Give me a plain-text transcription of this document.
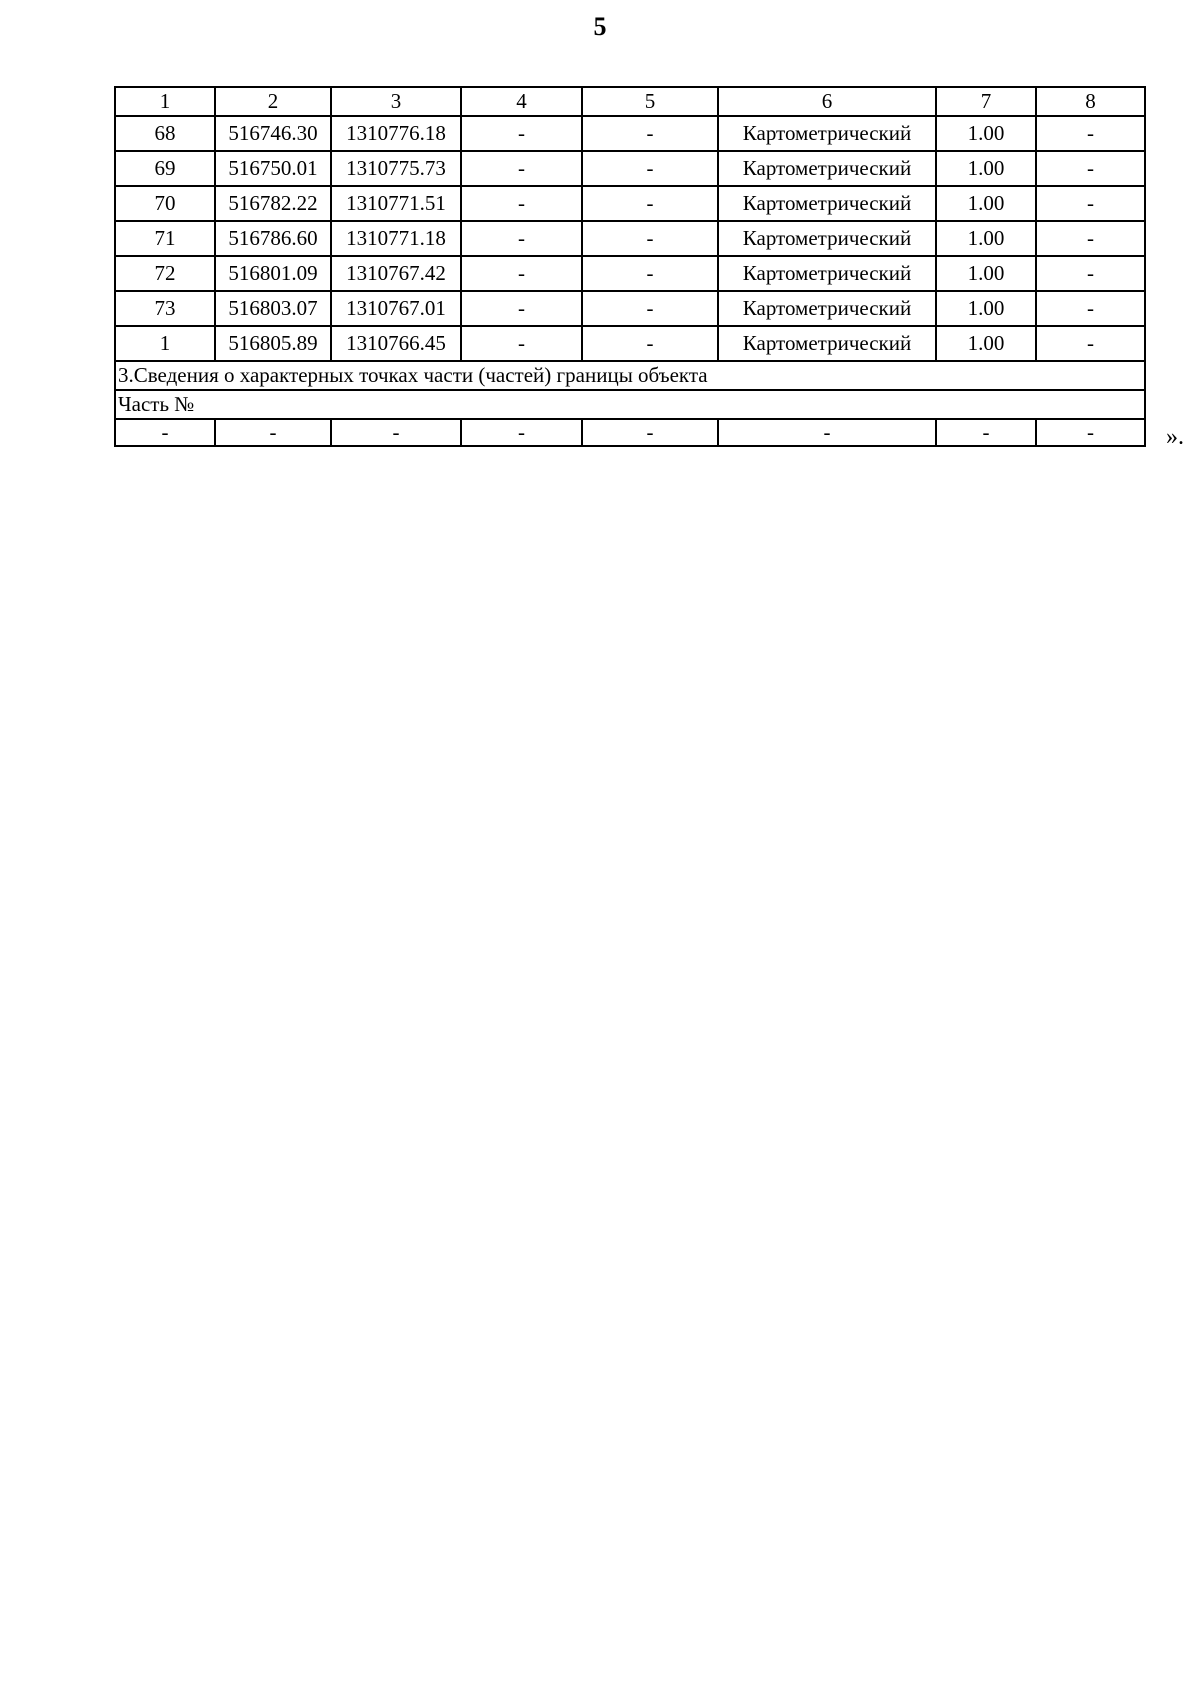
5
1	2	3	4	5	6	7	8
68	516746.30	1310776.18	-	-	Картометрический	1.00	-
69	516750.01	1310775.73	-	-	Картометрический	1.00	-
70	516782.22	1310771.51	-	-	Картометрический	1.00	-
71	516786.60	1310771.18	-	-	Картометрический	1.00	-
72	516801.09	1310767.42	-	-	Картометрический	1.00	-
73	516803.07	1310767.01	-	-	Картометрический	1.00	-
1	516805.89	1310766.45	-	-	Картометрический	1.00	-
3.Сведения о характерных точках части (частей) границы объекта							
Часть №							
-	-	-	-	-	-	-	-	».
